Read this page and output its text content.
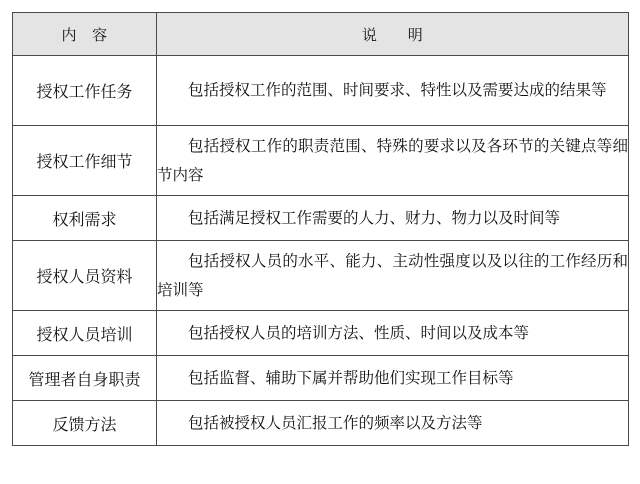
内　容	说　　明
授权工作任务	包括授权工作的范围、时间要求、特性以及需要达成的结果等

授权工作细节	包括授权工作的职责范围、特殊的要求以及各环节的关键点等细节内容

权利需求	包括满足授权工作需要的人力、财力、物力以及时间等

授权人员资料	包括授权人员的水平、能力、主动性强度以及以往的工作经历和培训等

授权人员培训	包括授权人员的培训方法、性质、时间以及成本等

管理者自身职责	包括监督、辅助下属并帮助他们实现工作目标等

反馈方法	包括被授权人员汇报工作的频率以及方法等
